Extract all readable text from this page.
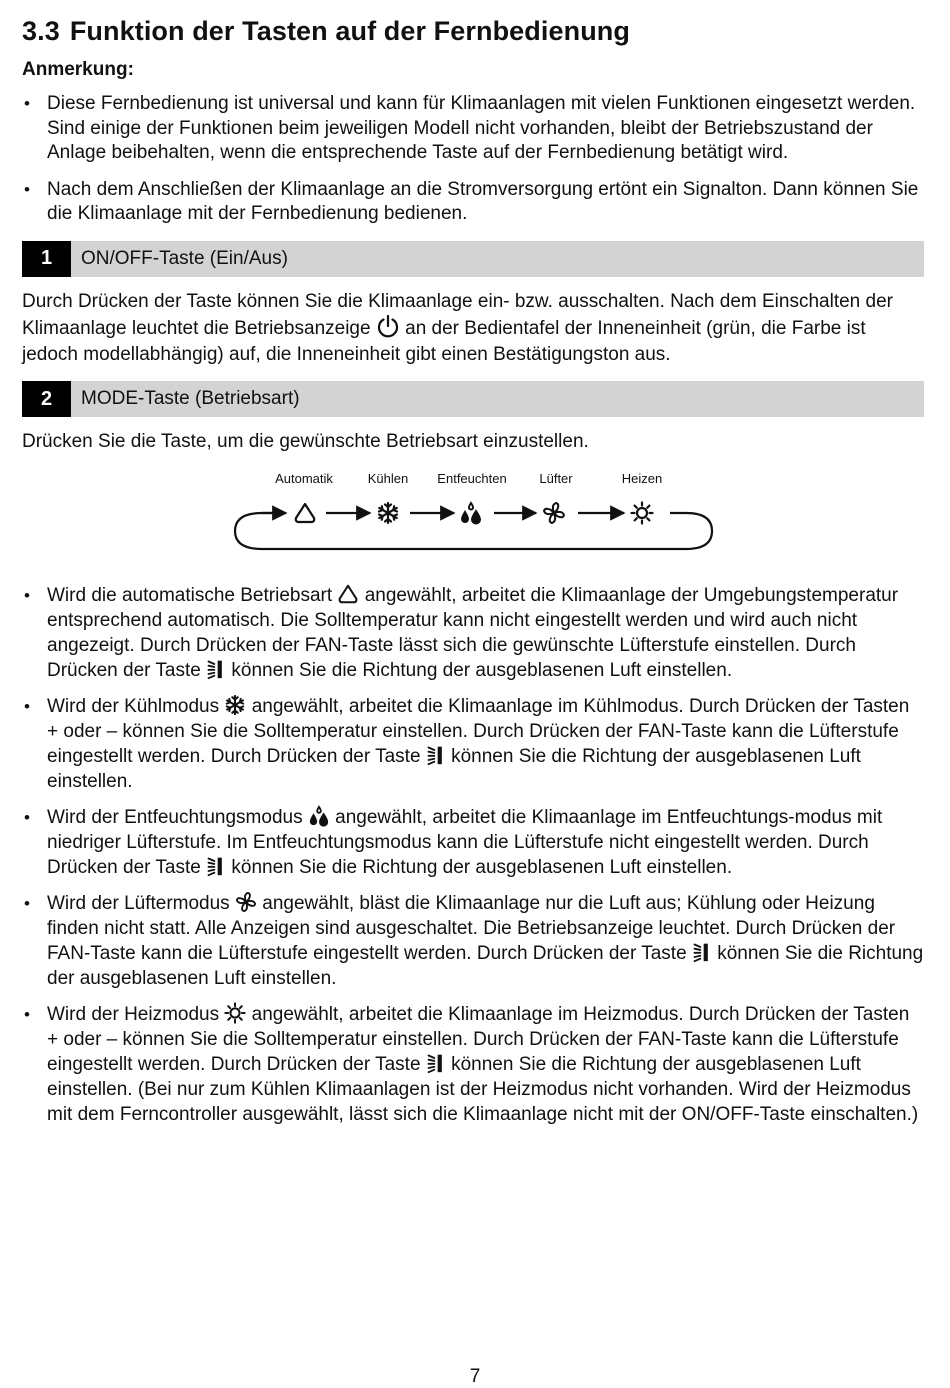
3.3 Funktion der Tasten auf der Fernbedienung
Anmerkung:
• Diese Fernbedienung ist universal und kann für Klimaanlagen mit vielen Funktionen eingesetzt werden. Sind einige der Funktionen beim jeweiligen Modell nicht vorhanden, bleibt der Betriebszustand der Anlage beibehalten, wenn die entsprechende Taste auf der Fernbedienung betätigt wird.
• Nach dem Anschließen der Klimaanlage an die Stromversorgung ertönt ein Signalton. Dann können Sie die Klimaanlage mit der Fernbedienung bedienen.
1	ON/OFF-Taste (Ein/Aus)

Durch Drücken der Taste können Sie die Klimaanlage ein- bzw. ausschalten. Nach dem Einschalten der Klimaanlage leuchtet die Betriebsanzeige an der Bedientafel der Inneneinheit (grün, die Farbe ist jedoch modellabhängig) auf, die Inneneinheit gibt einen Bestätigungston aus.

2	MODE-Taste (Betriebsart)

Drücken Sie die Taste, um die gewünschte Betriebsart einzustellen.

Automatik	Kühlen Entfeuchten	Lüfter	Heizen
• Wird die automatische Betriebsart angewählt, arbeitet die Klimaanlage der Umgebungstemperatur entsprechend automatisch. Die Solltemperatur kann nicht eingestellt werden und wird auch nicht angezeigt. Durch Drücken der FAN-Taste lässt sich die gewünschte Lüfterstufe einstellen. Durch Drücken der Taste können Sie die Richtung der ausgeblasenen Luft einstellen.
• Wird der Kühlmodus angewählt, arbeitet die Klimaanlage im Kühlmodus. Durch Drücken der Tasten + oder – können Sie die Solltemperatur einstellen. Durch Drücken der FAN-Taste kann die Lüfterstufe eingestellt werden. Durch Drücken der Taste können Sie die Richtung der ausgeblasenen Luft einstellen.
• Wird der Entfeuchtungsmodus angewählt, arbeitet die Klimaanlage im Entfeuchtungs-modus mit niedriger Lüfterstufe. Im Entfeuchtungsmodus kann die Lüfterstufe nicht eingestellt werden. Durch Drücken der Taste können Sie die Richtung der ausgeblasenen Luft einstellen.
• Wird der Lüftermodus angewählt, bläst die Klimaanlage nur die Luft aus; Kühlung oder Heizung finden nicht statt. Alle Anzeigen sind ausgeschaltet. Die Betriebsanzeige leuchtet. Durch Drücken der FAN-Taste kann die Lüfterstufe eingestellt werden. Durch Drücken der Taste können Sie die Richtung der ausgeblasenen Luft einstellen.
• Wird der Heizmodus angewählt, arbeitet die Klimaanlage im Heizmodus. Durch Drücken der Tasten + oder – können Sie die Solltemperatur einstellen. Durch Drücken der FAN-Taste kann die Lüfterstufe eingestellt werden. Durch Drücken der Taste können Sie die Richtung der ausgeblasenen Luft einstellen. (Bei nur zum Kühlen Klimaanlagen ist der Heizmodus nicht vorhanden. Wird der Heizmodus mit dem Ferncontroller ausgewählt, lässt sich die Klimaanlage nicht mit der ON/OFF-Taste einschalten.)
7
